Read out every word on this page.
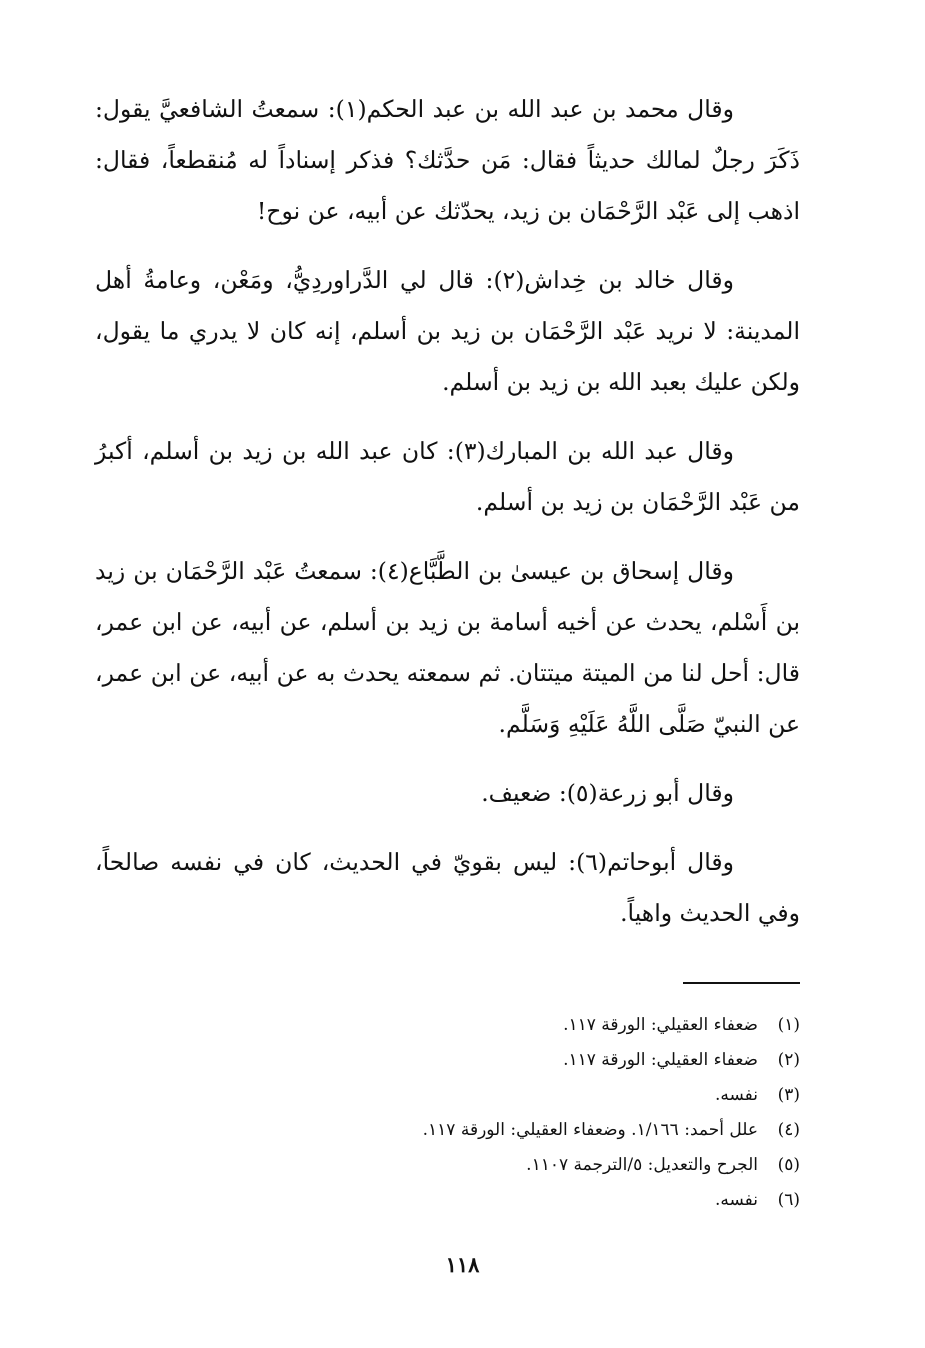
وقال محمد بن عبد الله بن عبد الحكم(١): سمعتُ الشافعيَّ يقول: ذَكَرَ رجلٌ لمالك حديثاً فقال: مَن حدَّثك؟ فذكر إسناداً له مُنقطعاً، فقال: اذهب إلى عَبْد الرَّحْمَان بن زيد، يحدّثك عن أبيه، عن نوح!

وقال خالد بن خِداش(٢): قال لي الدَّراوردِيُّ، ومَعْن، وعامةُ أهل المدينة: لا نريد عَبْد الرَّحْمَان بن زيد بن أسلم، إنه كان لا يدري ما يقول، ولكن عليك بعبد الله بن زيد بن أسلم.

وقال عبد الله بن المبارك(٣): كان عبد الله بن زيد بن أسلم، أكبرُ من عَبْد الرَّحْمَان بن زيد بن أسلم.

وقال إسحاق بن عيسىٰ بن الطَّبَّاع(٤): سمعتُ عَبْد الرَّحْمَان بن زيد بن أَسْلم، يحدث عن أخيه أسامة بن زيد بن أسلم، عن أبيه، عن ابن عمر، قال: أحل لنا من الميتة ميتتان. ثم سمعته يحدث به عن أبيه، عن ابن عمر، عن النبيّ صَلَّى اللَّهُ عَلَيْهِ وَسَلَّم.

وقال أبو زرعة(٥): ضعيف.

وقال أبوحاتم(٦): ليس بقويّ في الحديث، كان في نفسه صالحاً، وفي الحديث واهياً.

(١)ضعفاء العقيلي: الورقة ١١٧.
(٢)ضعفاء العقيلي: الورقة ١١٧.
(٣)نفسه.
(٤)علل أحمد: ١/١٦٦. وضعفاء العقيلي: الورقة ١١٧.
(٥)الجرح والتعديل: ٥/الترجمة ١١٠٧.
(٦)نفسه.
١١٨
